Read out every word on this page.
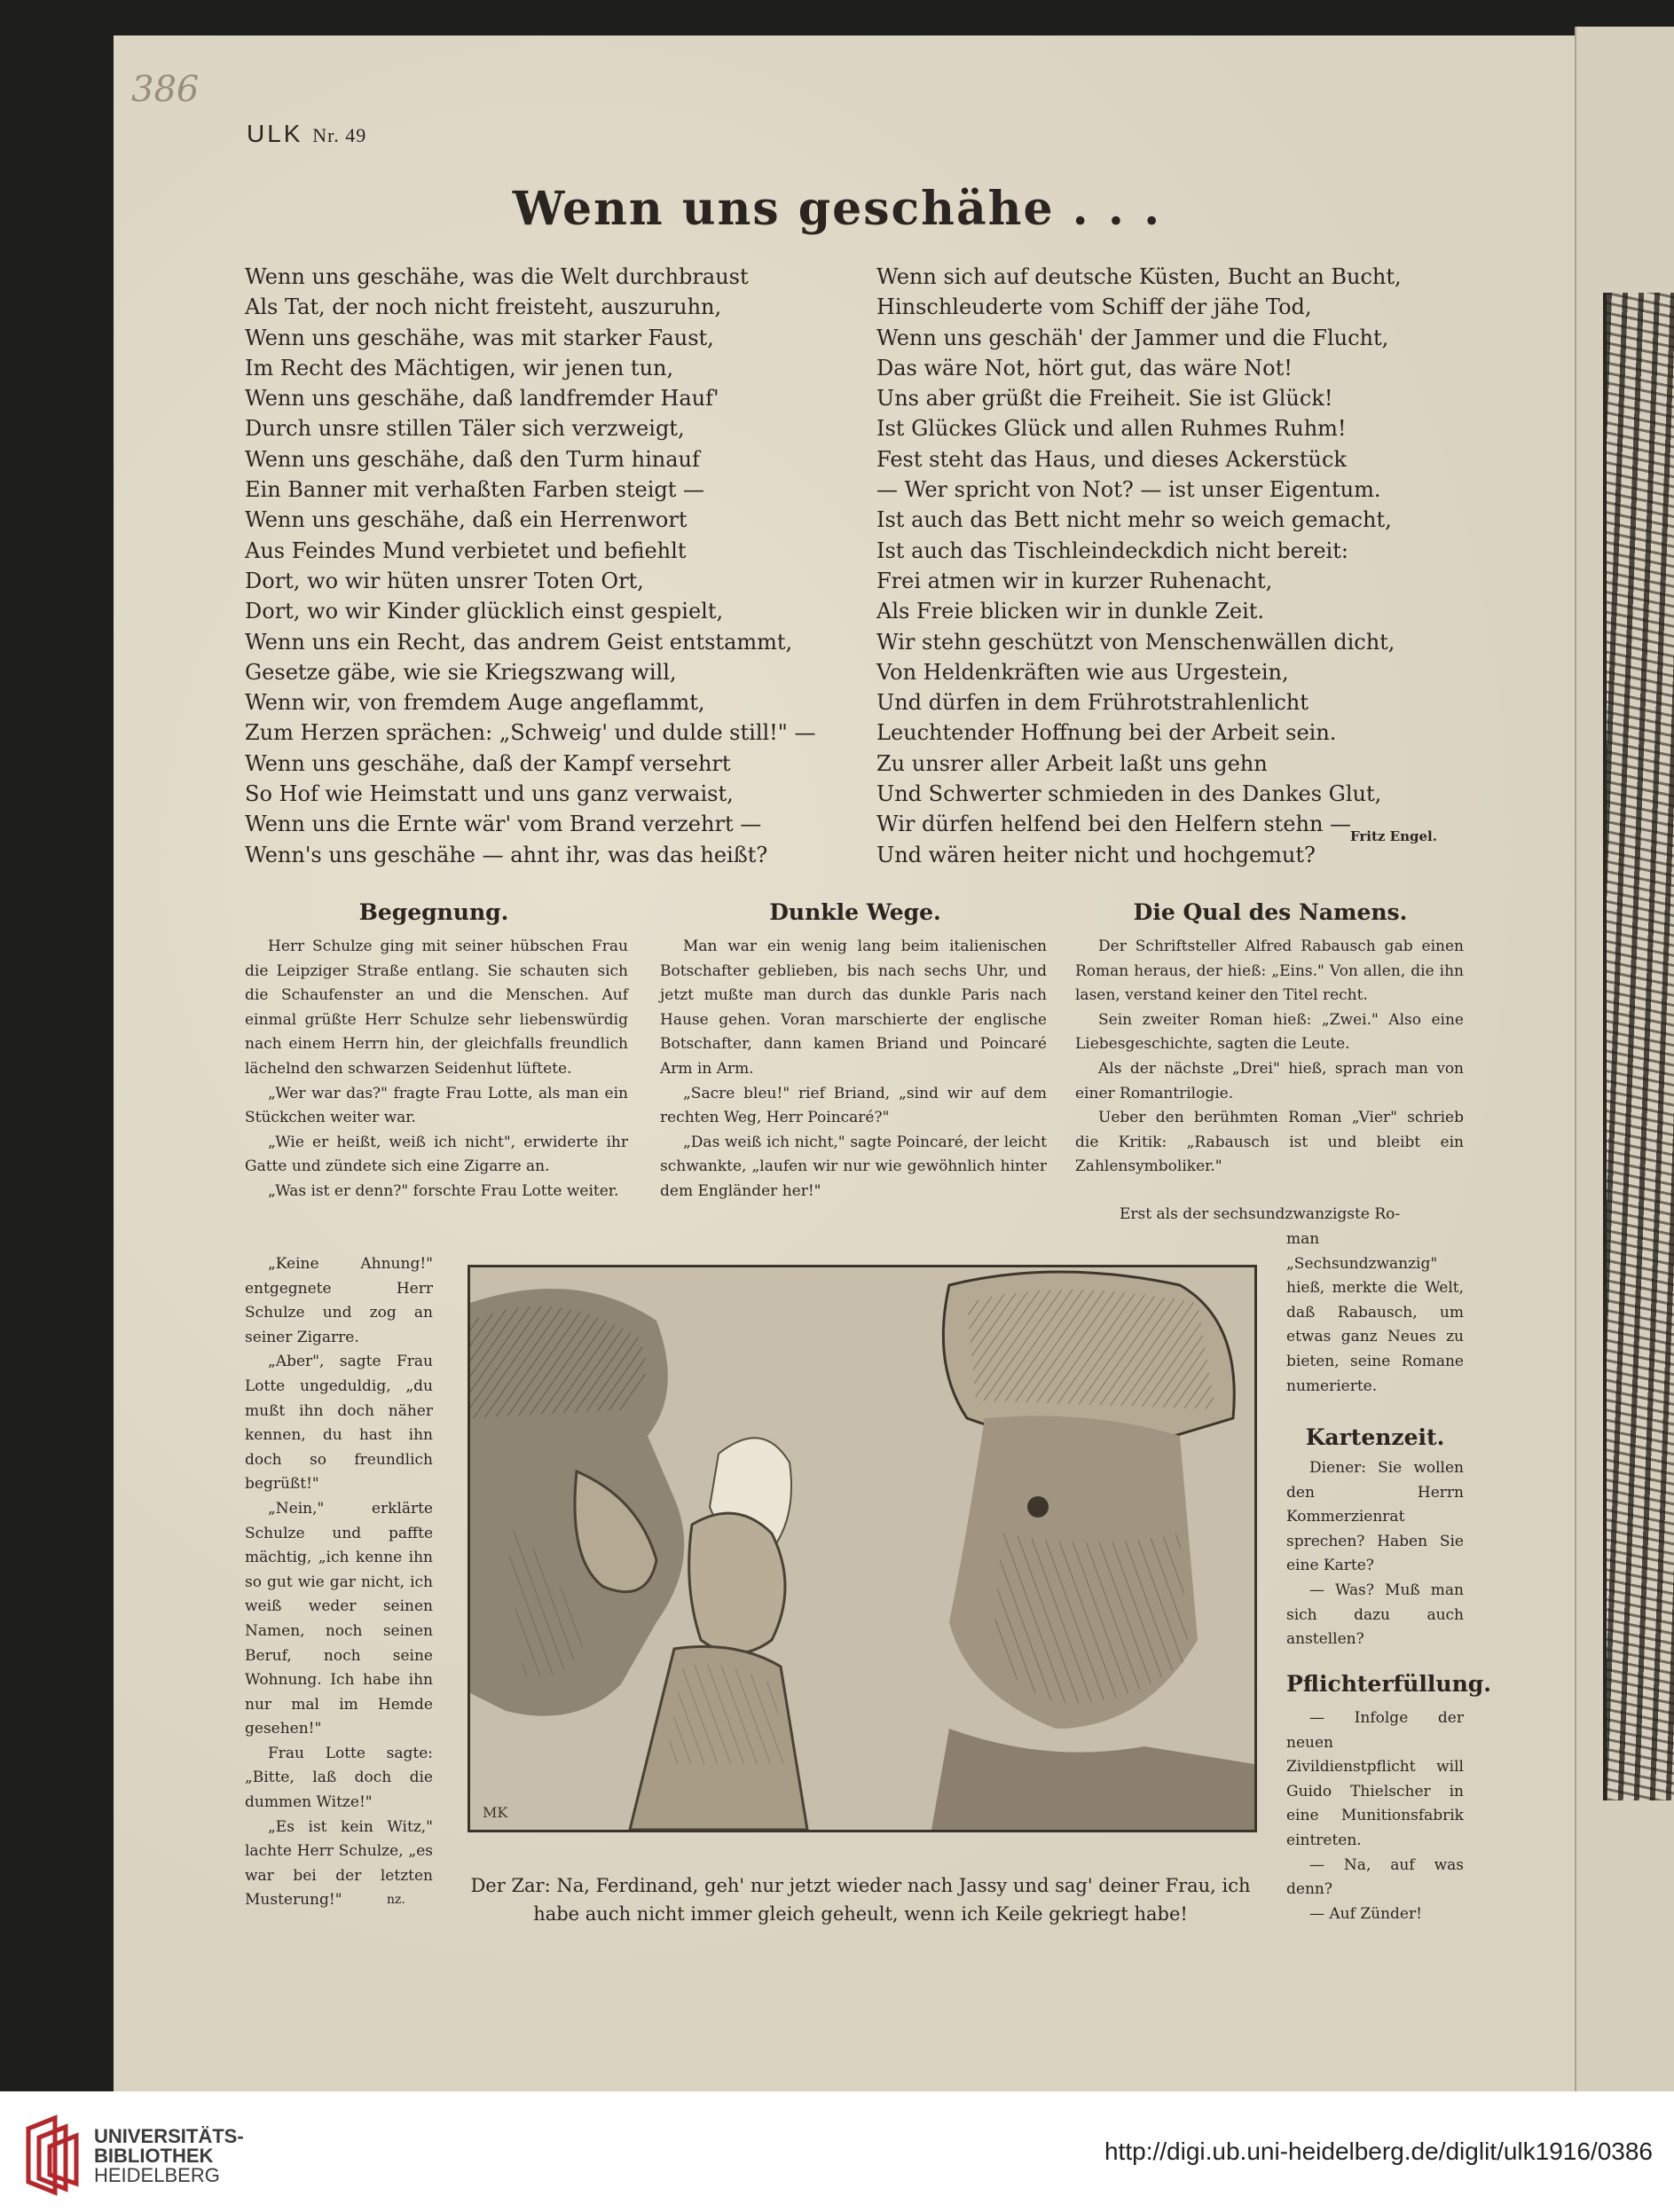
386
ULK Nr. 49
Wenn uns geschähe . . .
Wenn uns geschähe, was die Welt durchbraust
Als Tat, der noch nicht freisteht, auszuruhn,
Wenn uns geschähe, was mit starker Faust,
Im Recht des Mächtigen, wir jenen tun,
Wenn uns geschähe, daß landfremder Hauf'
Durch unsre stillen Täler sich verzweigt,
Wenn uns geschähe, daß den Turm hinauf
Ein Banner mit verhaßten Farben steigt —
Wenn uns geschähe, daß ein Herrenwort
Aus Feindes Mund verbietet und befiehlt
Dort, wo wir hüten unsrer Toten Ort,
Dort, wo wir Kinder glücklich einst gespielt,
Wenn uns ein Recht, das andrem Geist entstammt,
Gesetze gäbe, wie sie Kriegszwang will,
Wenn wir, von fremdem Auge angeflammt,
Zum Herzen sprächen: „Schweig' und dulde still!" —
Wenn uns geschähe, daß der Kampf versehrt
So Hof wie Heimstatt und uns ganz verwaist,
Wenn uns die Ernte wär' vom Brand verzehrt —
Wenn's uns geschähe — ahnt ihr, was das heißt?
Wenn sich auf deutsche Küsten, Bucht an Bucht,
Hinschleuderte vom Schiff der jähe Tod,
Wenn uns geschäh' der Jammer und die Flucht,
Das wäre Not, hört gut, das wäre Not!
Uns aber grüßt die Freiheit. Sie ist Glück!
Ist Glückes Glück und allen Ruhmes Ruhm!
Fest steht das Haus, und dieses Ackerstück
— Wer spricht von Not? — ist unser Eigentum.
Ist auch das Bett nicht mehr so weich gemacht,
Ist auch das Tischleindeckdich nicht bereit:
Frei atmen wir in kurzer Ruhenacht,
Als Freie blicken wir in dunkle Zeit.
Wir stehn geschützt von Menschenwällen dicht,
Von Heldenkräften wie aus Urgestein,
Und dürfen in dem Frührotstrahlenlicht
Leuchtender Hoffnung bei der Arbeit sein.
Zu unsrer aller Arbeit laßt uns gehn
Und Schwerter schmieden in des Dankes Glut,
Wir dürfen helfend bei den Helfern stehn —
Und wären heiter nicht und hochgemut?
Fritz Engel.
Begegnung.

Herr Schulze ging mit seiner hübschen Frau die Leipziger Straße entlang. Sie schauten sich die Schaufenster an und die Menschen. Auf einmal grüßte Herr Schulze sehr liebenswürdig nach einem Herrn hin, der gleichfalls freundlich lächelnd den schwarzen Seidenhut lüftete.

„Wer war das?" fragte Frau Lotte, als man ein Stückchen weiter war.

„Wie er heißt, weiß ich nicht", erwiderte ihr Gatte und zündete sich eine Zigarre an.

„Was ist er denn?" forschte Frau Lotte weiter.

„Keine Ahnung!" entgegnete Herr Schulze und zog an seiner Zigarre.

„Aber", sagte Frau Lotte ungeduldig, „du mußt ihn doch näher kennen, du hast ihn doch so freundlich begrüßt!"

„Nein," erklärte Schulze und paffte mächtig, „ich kenne ihn so gut wie gar nicht, ich weiß weder seinen Namen, noch seinen Beruf, noch seine Wohnung. Ich habe ihn nur mal im Hemde gesehen!"

Frau Lotte sagte: „Bitte, laß doch die dummen Witze!"

„Es ist kein Witz," lachte Herr Schulze, „es war bei der letzten Musterung!"	nz.
Dunkle Wege.

Man war ein wenig lang beim italienischen Botschafter geblieben, bis nach sechs Uhr, und jetzt mußte man durch das dunkle Paris nach Hause gehen. Voran marschierte der englische Botschafter, dann kamen Briand und Poincaré Arm in Arm.

„Sacre bleu!" rief Briand, „sind wir auf dem rechten Weg, Herr Poincaré?"

„Das weiß ich nicht," sagte Poincaré, der leicht schwankte, „laufen wir nur wie gewöhnlich hinter dem Engländer her!"

Die Qual des Namens.

Der Schriftsteller Alfred Rabausch gab einen Roman heraus, der hieß: „Eins." Von allen, die ihn lasen, verstand keiner den Titel recht.

Sein zweiter Roman hieß: „Zwei." Also eine Liebesgeschichte, sagten die Leute.

Als der nächste „Drei" hieß, sprach man von einer Romantrilogie.

Ueber den berühmten Roman „Vier" schrieb die Kritik: „Rabausch ist und bleibt ein Zahlensymboliker."

Erst als der sechsundzwanzigste Ro-

man „Sechsundzwanzig" hieß, merkte die Welt, daß Rabausch, um etwas ganz Neues zu bieten, seine Romane numerierte.

Kartenzeit.

Diener: Sie wollen den Herrn Kommerzienrat sprechen? Haben Sie eine Karte?

— Was? Muß man sich dazu auch anstellen?

Pflichterfüllung.

— Infolge der neuen Zivildienstpflicht will Guido Thielscher in eine Munitionsfabrik eintreten.

— Na, auf was denn?

— Auf Zünder!

MK
Der Zar: Na, Ferdinand, geh' nur jetzt wieder nach Jassy und sag' deiner Frau, ich
habe auch nicht immer gleich geheult, wenn ich Keile gekriegt habe!
UNIVERSITÄTS-
BIBLIOTHEK
HEIDELBERG
http://digi.ub.uni-heidelberg.de/diglit/ulk1916/0386
